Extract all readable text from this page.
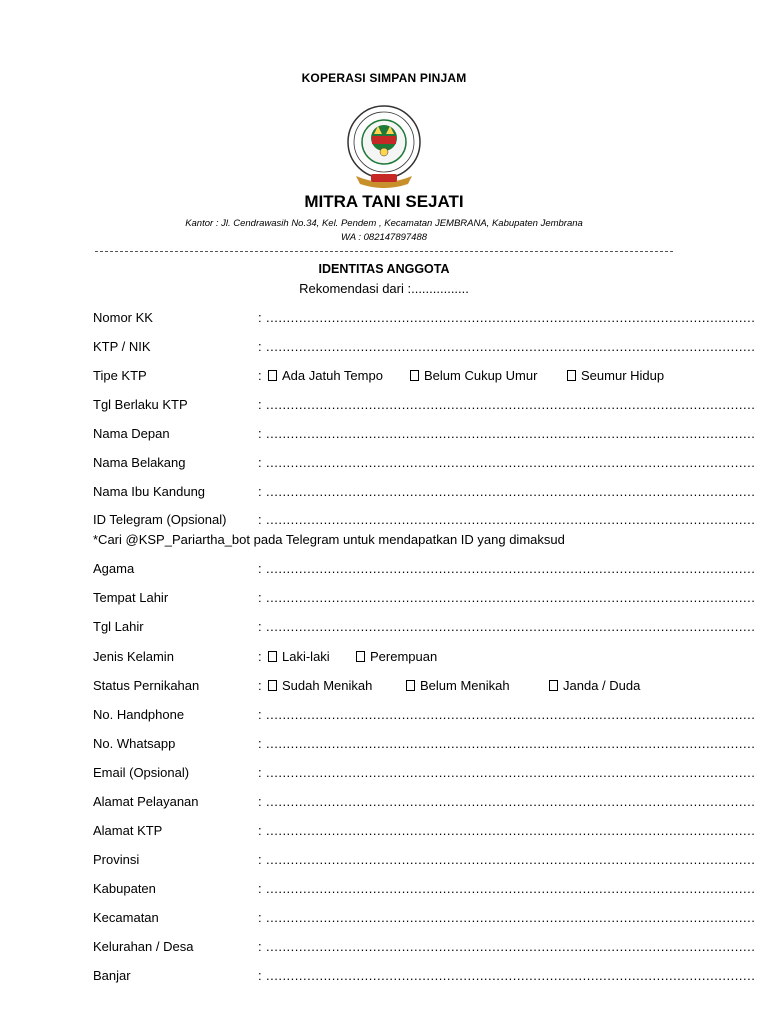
KOPERASI SIMPAN PINJAM
MITRA TANI SEJATI
Kantor : Jl. Cendrawasih No.34, Kel. Pendem , Kecamatan JEMBRANA, Kabupaten Jembrana
WA : 082147897488
IDENTITAS ANGGOTA
Rekomendasi dari :................
Nomor KK	: .......................................................................................................................
KTP / NIK	: .......................................................................................................................
Tipe KTP	:	Ada Jatuh Tempo	Belum Cukup Umur	Seumur Hidup
Tgl Berlaku KTP	: .......................................................................................................................
Nama Depan	: .......................................................................................................................
Nama Belakang	: .......................................................................................................................
Nama Ibu Kandung	: .......................................................................................................................
ID Telegram (Opsional) : .......................................................................................................................
*Cari @KSP_Pariartha_bot pada Telegram untuk mendapatkan ID yang dimaksud
Agama	: .......................................................................................................................
Tempat Lahir	: .......................................................................................................................
Tgl Lahir	: .......................................................................................................................
Jenis Kelamin	:	Laki-laki	Perempuan
Status Pernikahan	:	Sudah Menikah	Belum Menikah	Janda / Duda
No. Handphone	: .......................................................................................................................
No. Whatsapp	: .......................................................................................................................
Email (Opsional)	: .......................................................................................................................
Alamat Pelayanan	: .......................................................................................................................
Alamat KTP	: .......................................................................................................................
Provinsi	: .......................................................................................................................
Kabupaten	: .......................................................................................................................
Kecamatan	: .......................................................................................................................
Kelurahan / Desa	: .......................................................................................................................
Banjar	: .......................................................................................................................
